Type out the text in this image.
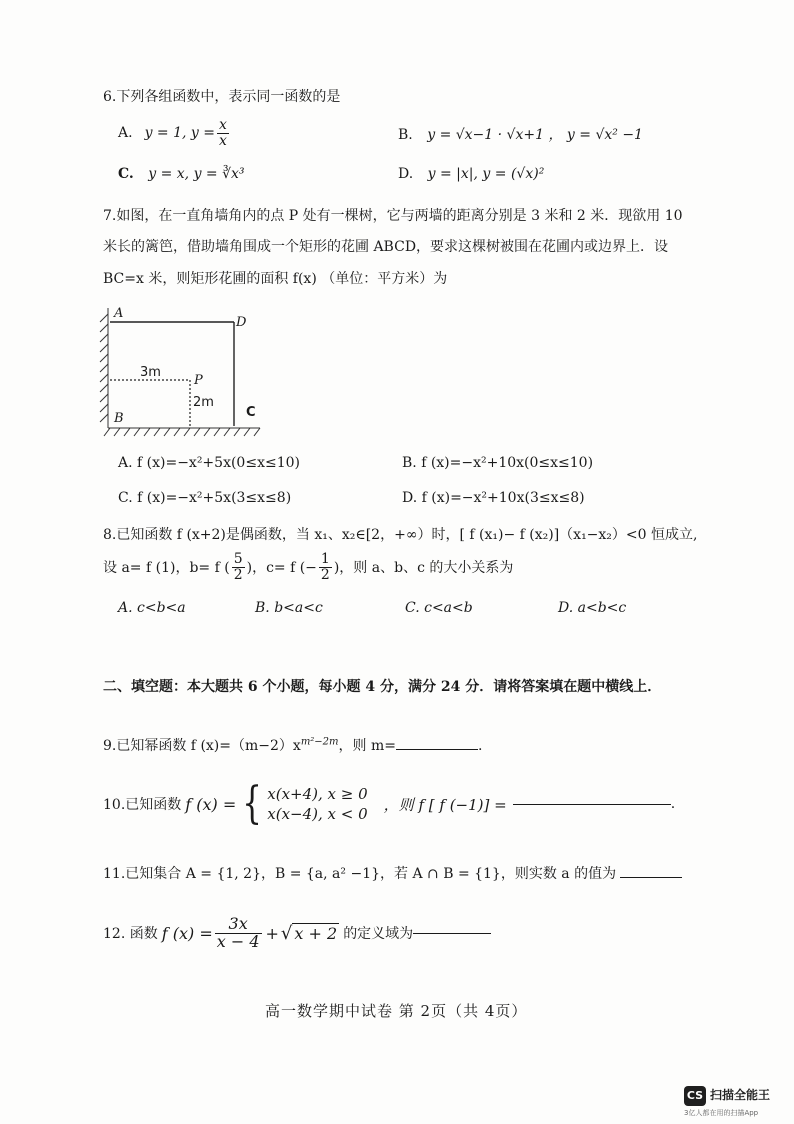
6.下列各组函数中，表示同一函数的是
A. y = 1, $y = \frac{x}{x}$	B. y = √x−1 · √x+1 ， y = √x² −1
C. y = x, y = ∛x³	D. y = |x|, y = (√x)²
7.如图，在一直角墙角内的点 P 处有一棵树，它与两墙的距离分别是 3 米和 2 米．现欲用 10
米长的篱笆，借助墙角围成一个矩形的花圃 ABCD，要求这棵树被围在花圃内或边界上．设
BC=x 米，则矩形花圃的面积 f(x) （单位：平方米）为
A
D
B
P
3m
2m
C
A. f (x)=−x²+5x(0≤x≤10)	B. f (x)=−x²+10x(0≤x≤10)
C. f (x)=−x²+5x(3≤x≤8)	D. f (x)=−x²+10x(3≤x≤8)
8.已知函数 f (x+2)是偶函数，当 x₁、x₂∈[2，+∞）时，[ f (x₁)− f (x₂)]（x₁−x₂）<0 恒成立,
设 a= f (1)，b= f ( $\frac{5}{2}$ )，c= f (− $\frac{1}{2}$ )，则 a、b、c 的大小关系为
A. c<b<a	B. b<a<c	C. c<a<b	D. a<b<c
二、填空题：本大题共 6 个小题，每小题 4 分，满分 24 分．请将答案填在题中横线上．
9.已知幂函数 f $(x)=(m-2)x^{m^2-2m}$，则 m=	.
10.已知函数 f (x) = { x(x+4), x ≥ 0
x(x−4), x < 0
，则 f [ f (−1)] =	.
11.已知集合 A = {1, 2}，B = {a, a² −1}，若 A ∩ B = {1}，则实数 a 的值为
12. 函数 f $(x) = \frac{3x}{x - 4}$ + √ x + 2 的定义域为
高一数学期中试卷 第 2页（共 4页）
CS 扫描全能王
3亿人都在用的扫描App
